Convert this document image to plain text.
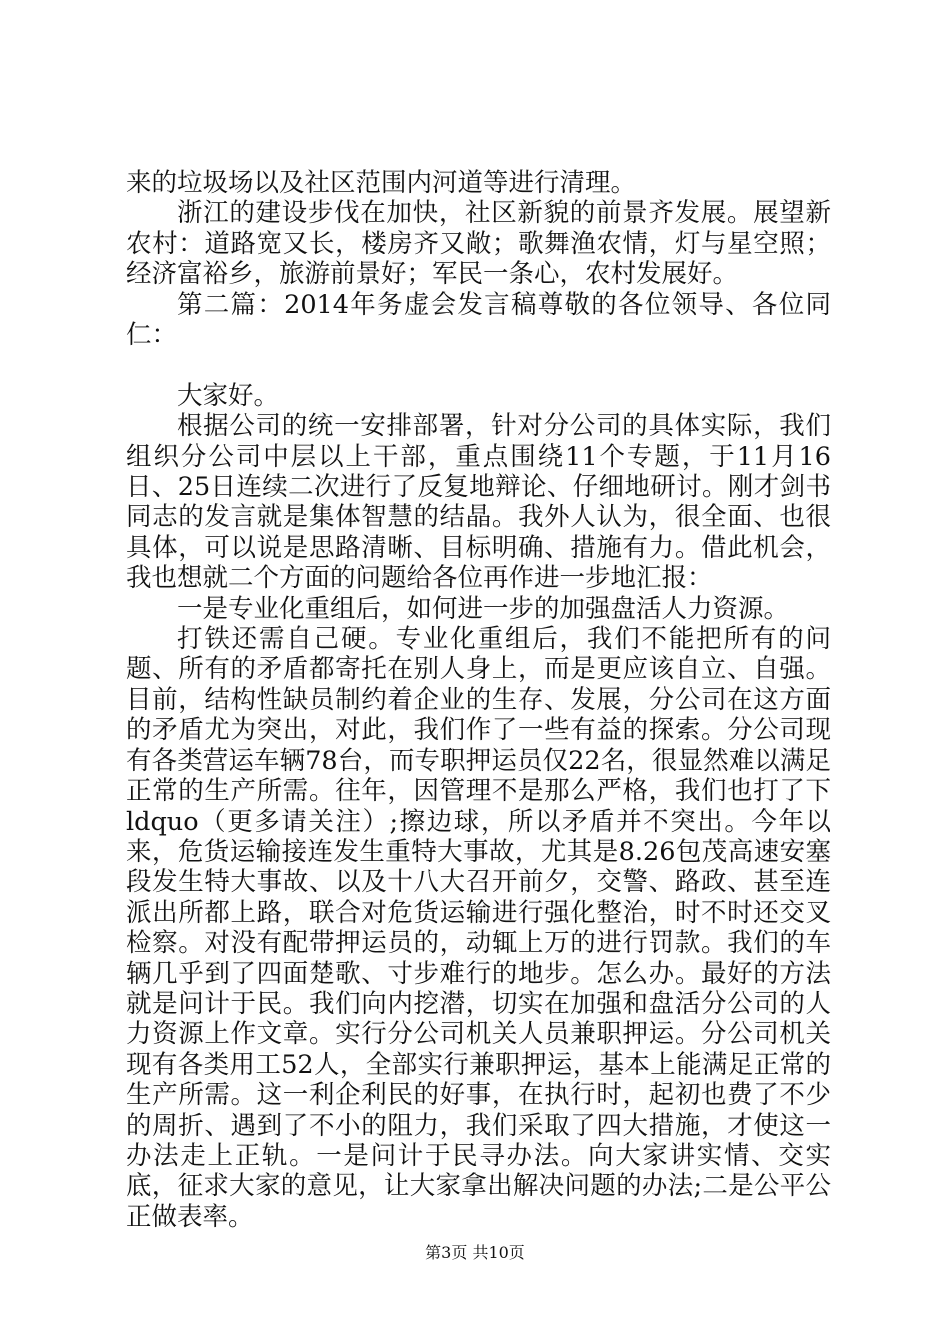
来的垃圾场以及社区范围内河道等进行清理。

浙江的建设步伐在加快，社区新貌的前景齐发展。展望新农村：道路宽又长，楼房齐又敞；歌舞渔农情，灯与星空照；经济富裕乡，旅游前景好；军民一条心，农村发展好。

第二篇：2014年务虚会发言稿尊敬的各位领导、各位同仁：

大家好。

根据公司的统一安排部署，针对分公司的具体实际，我们组织分公司中层以上干部，重点围绕11个专题，于11月16日、25日连续二次进行了反复地辩论、仔细地研讨。刚才剑书同志的发言就是集体智慧的结晶。我外人认为，很全面、也很具体，可以说是思路清晰、目标明确、措施有力。借此机会，我也想就二个方面的问题给各位再作进一步地汇报：

一是专业化重组后，如何进一步的加强盘活人力资源。

打铁还需自己硬。专业化重组后，我们不能把所有的问题、所有的矛盾都寄托在别人身上，而是更应该自立、自强。目前，结构性缺员制约着企业的生存、发展，分公司在这方面的矛盾尤为突出，对此，我们作了一些有益的探索。分公司现有各类营运车辆78台，而专职押运员仅22名，很显然难以满足正常的生产所需。往年，因管理不是那么严格，我们也打了下ldquo（更多请关注）;擦边球，所以矛盾并不突出。今年以来，危货运输接连发生重特大事故，尤其是8.26包茂高速安塞段发生特大事故、以及十八大召开前夕，交警、路政、甚至连派出所都上路，联合对危货运输进行强化整治，时不时还交叉检察。对没有配带押运员的，动辄上万的进行罚款。我们的车辆几乎到了四面楚歌、寸步难行的地步。怎么办。最好的方法就是问计于民。我们向内挖潜，切实在加强和盘活分公司的人力资源上作文章。实行分公司机关人员兼职押运。分公司机关现有各类用工52人，全部实行兼职押运，基本上能满足正常的生产所需。这一利企利民的好事，在执行时，起初也费了不少的周折、遇到了不小的阻力，我们采取了四大措施，才使这一办法走上正轨。一是问计于民寻办法。向大家讲实情、交实底，征求大家的意见，让大家拿出解决问题的办法;二是公平公正做表率。

第3页 共10页
